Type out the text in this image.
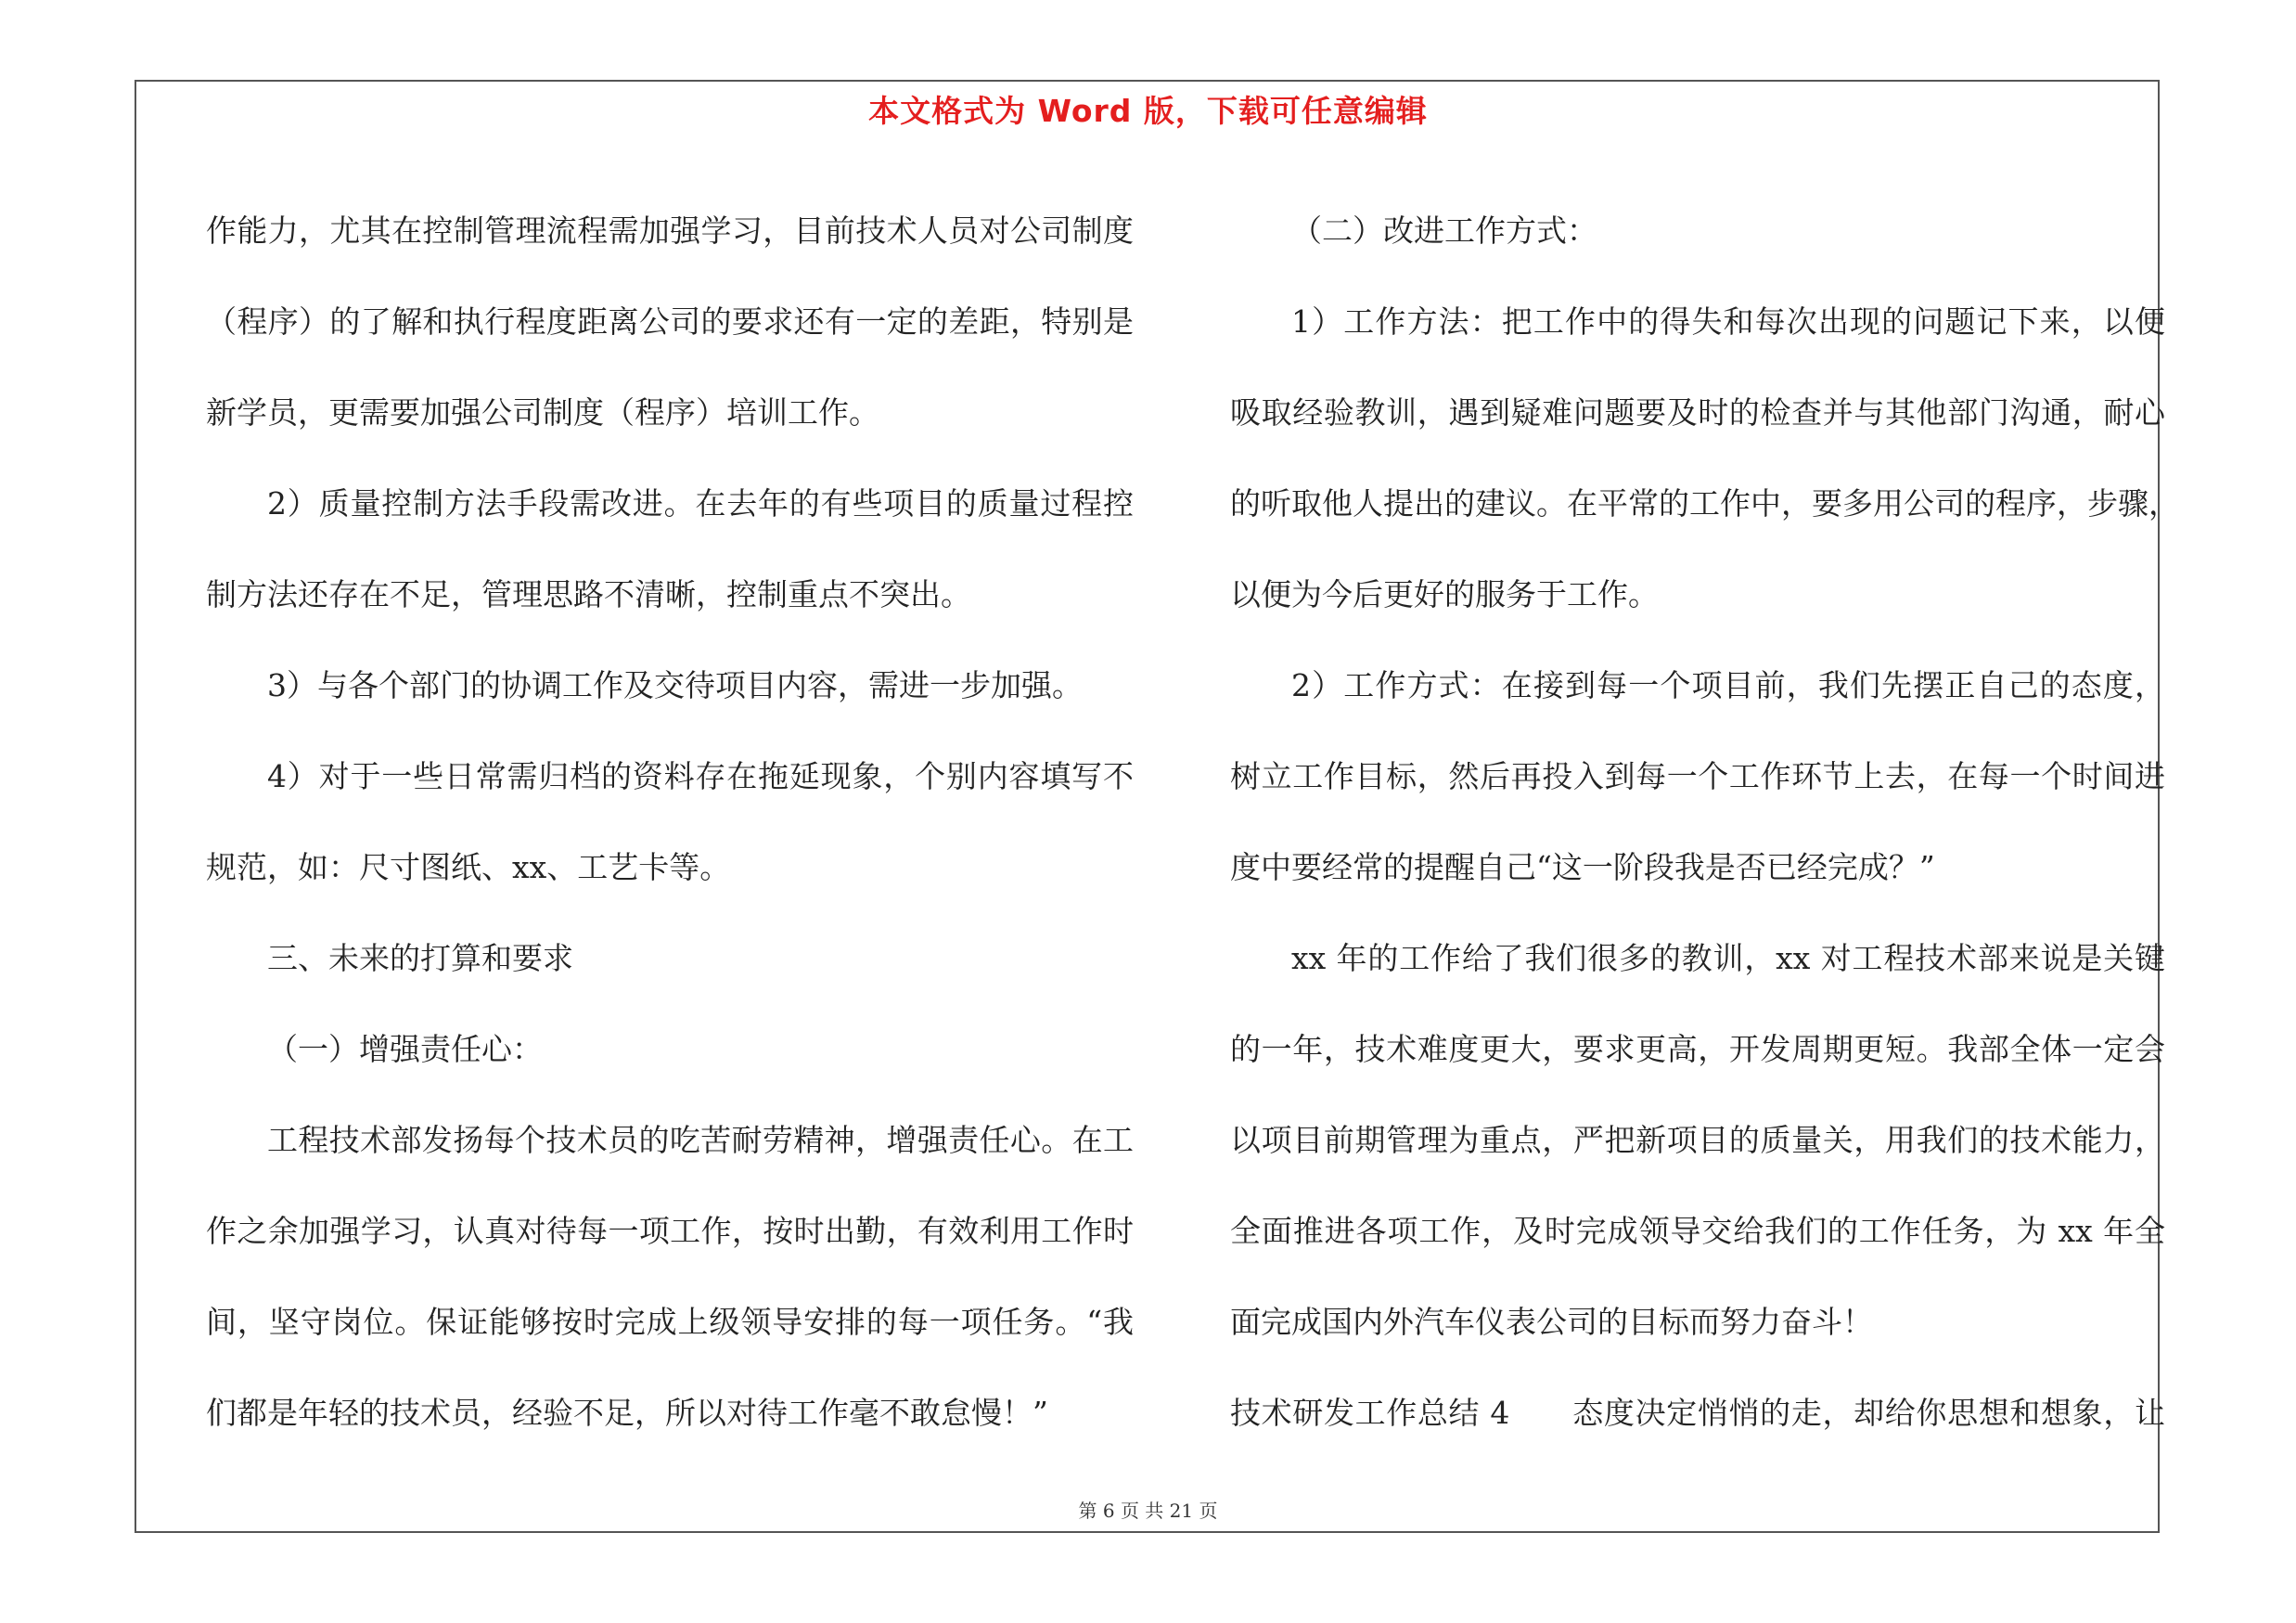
本文格式为 Word 版，下载可任意编辑
作能力，尤其在控制管理流程需加强学习，目前技术人员对公司制度
（程序）的了解和执行程度距离公司的要求还有一定的差距，特别是
新学员，更需要加强公司制度（程序）培训工作。
2）质量控制方法手段需改进。在去年的有些项目的质量过程控
制方法还存在不足，管理思路不清晰，控制重点不突出。
3）与各个部门的协调工作及交待项目内容，需进一步加强。
4）对于一些日常需归档的资料存在拖延现象，个别内容填写不
规范，如：尺寸图纸、xx、工艺卡等。
三、未来的打算和要求
（一）增强责任心：
工程技术部发扬每个技术员的吃苦耐劳精神，增强责任心。在工
作之余加强学习，认真对待每一项工作，按时出勤，有效利用工作时
间，坚守岗位。保证能够按时完成上级领导安排的每一项任务。“我
们都是年轻的技术员，经验不足，所以对待工作毫不敢怠慢！”
（二）改进工作方式：
1）工作方法：把工作中的得失和每次出现的问题记下来，以便
吸取经验教训，遇到疑难问题要及时的检查并与其他部门沟通，耐心
的听取他人提出的建议。在平常的工作中，要多用公司的程序，步骤，
以便为今后更好的服务于工作。
2）工作方式：在接到每一个项目前，我们先摆正自己的态度，
树立工作目标，然后再投入到每一个工作环节上去，在每一个时间进
度中要经常的提醒自己“这一阶段我是否已经完成？”
xx 年的工作给了我们很多的教训，xx 对工程技术部来说是关键
的一年，技术难度更大，要求更高，开发周期更短。我部全体一定会
以项目前期管理为重点，严把新项目的质量关，用我们的技术能力，
全面推进各项工作，及时完成领导交给我们的工作任务，为 xx 年全
面完成国内外汽车仪表公司的目标而努力奋斗！
技术研发工作总结 4　　态度决定悄悄的走，却给你思想和想象，让
第 6 页 共 21 页
